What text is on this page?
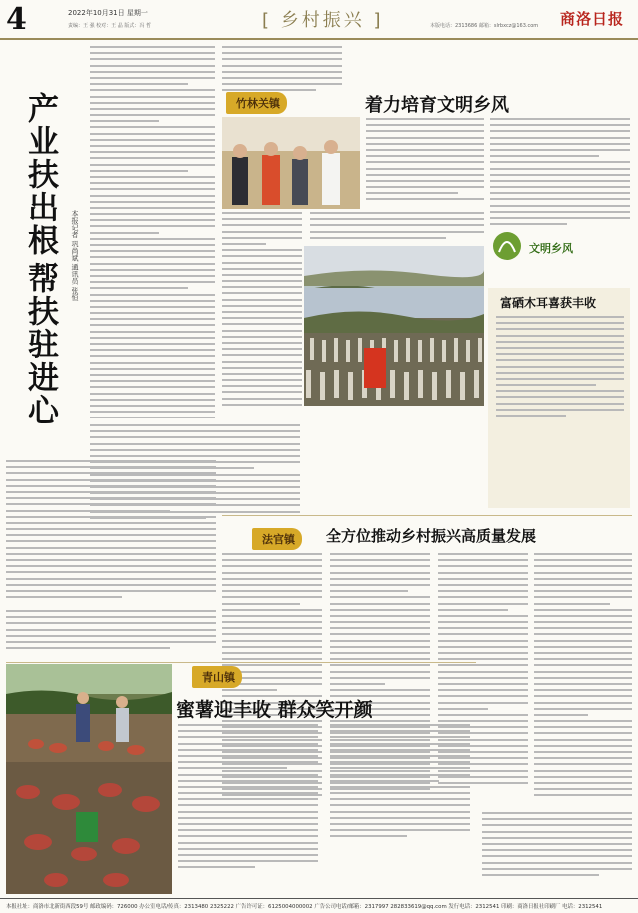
4	2022年10月31日 星期一
责编：王 强 校对：王 晶 版式：冯 哲	[ 乡村振兴 ]	本版电话：2313686 邮箱：slrbxcz@163.com 商洛日报
产业扶出根
帮扶驻进心
本报记者 巩尚斌 通讯员 张恒
竹林关镇	着力培育文明乡风
文明乡风
富硒木耳喜获丰收
法官镇	全方位推动乡村振兴高质量发展
青山镇
蜜薯迎丰收 群众笑开颜
本报社址：商洛市北新街西段59号 邮政编码：726000 办公室电话/传真：2313480 2325222 广告许可证：6125004000002 广告公司电话/邮箱：2317997 282833619@qq.com 发行电话：2312541 印刷：商洛日报社印刷厂 电话：2312541
